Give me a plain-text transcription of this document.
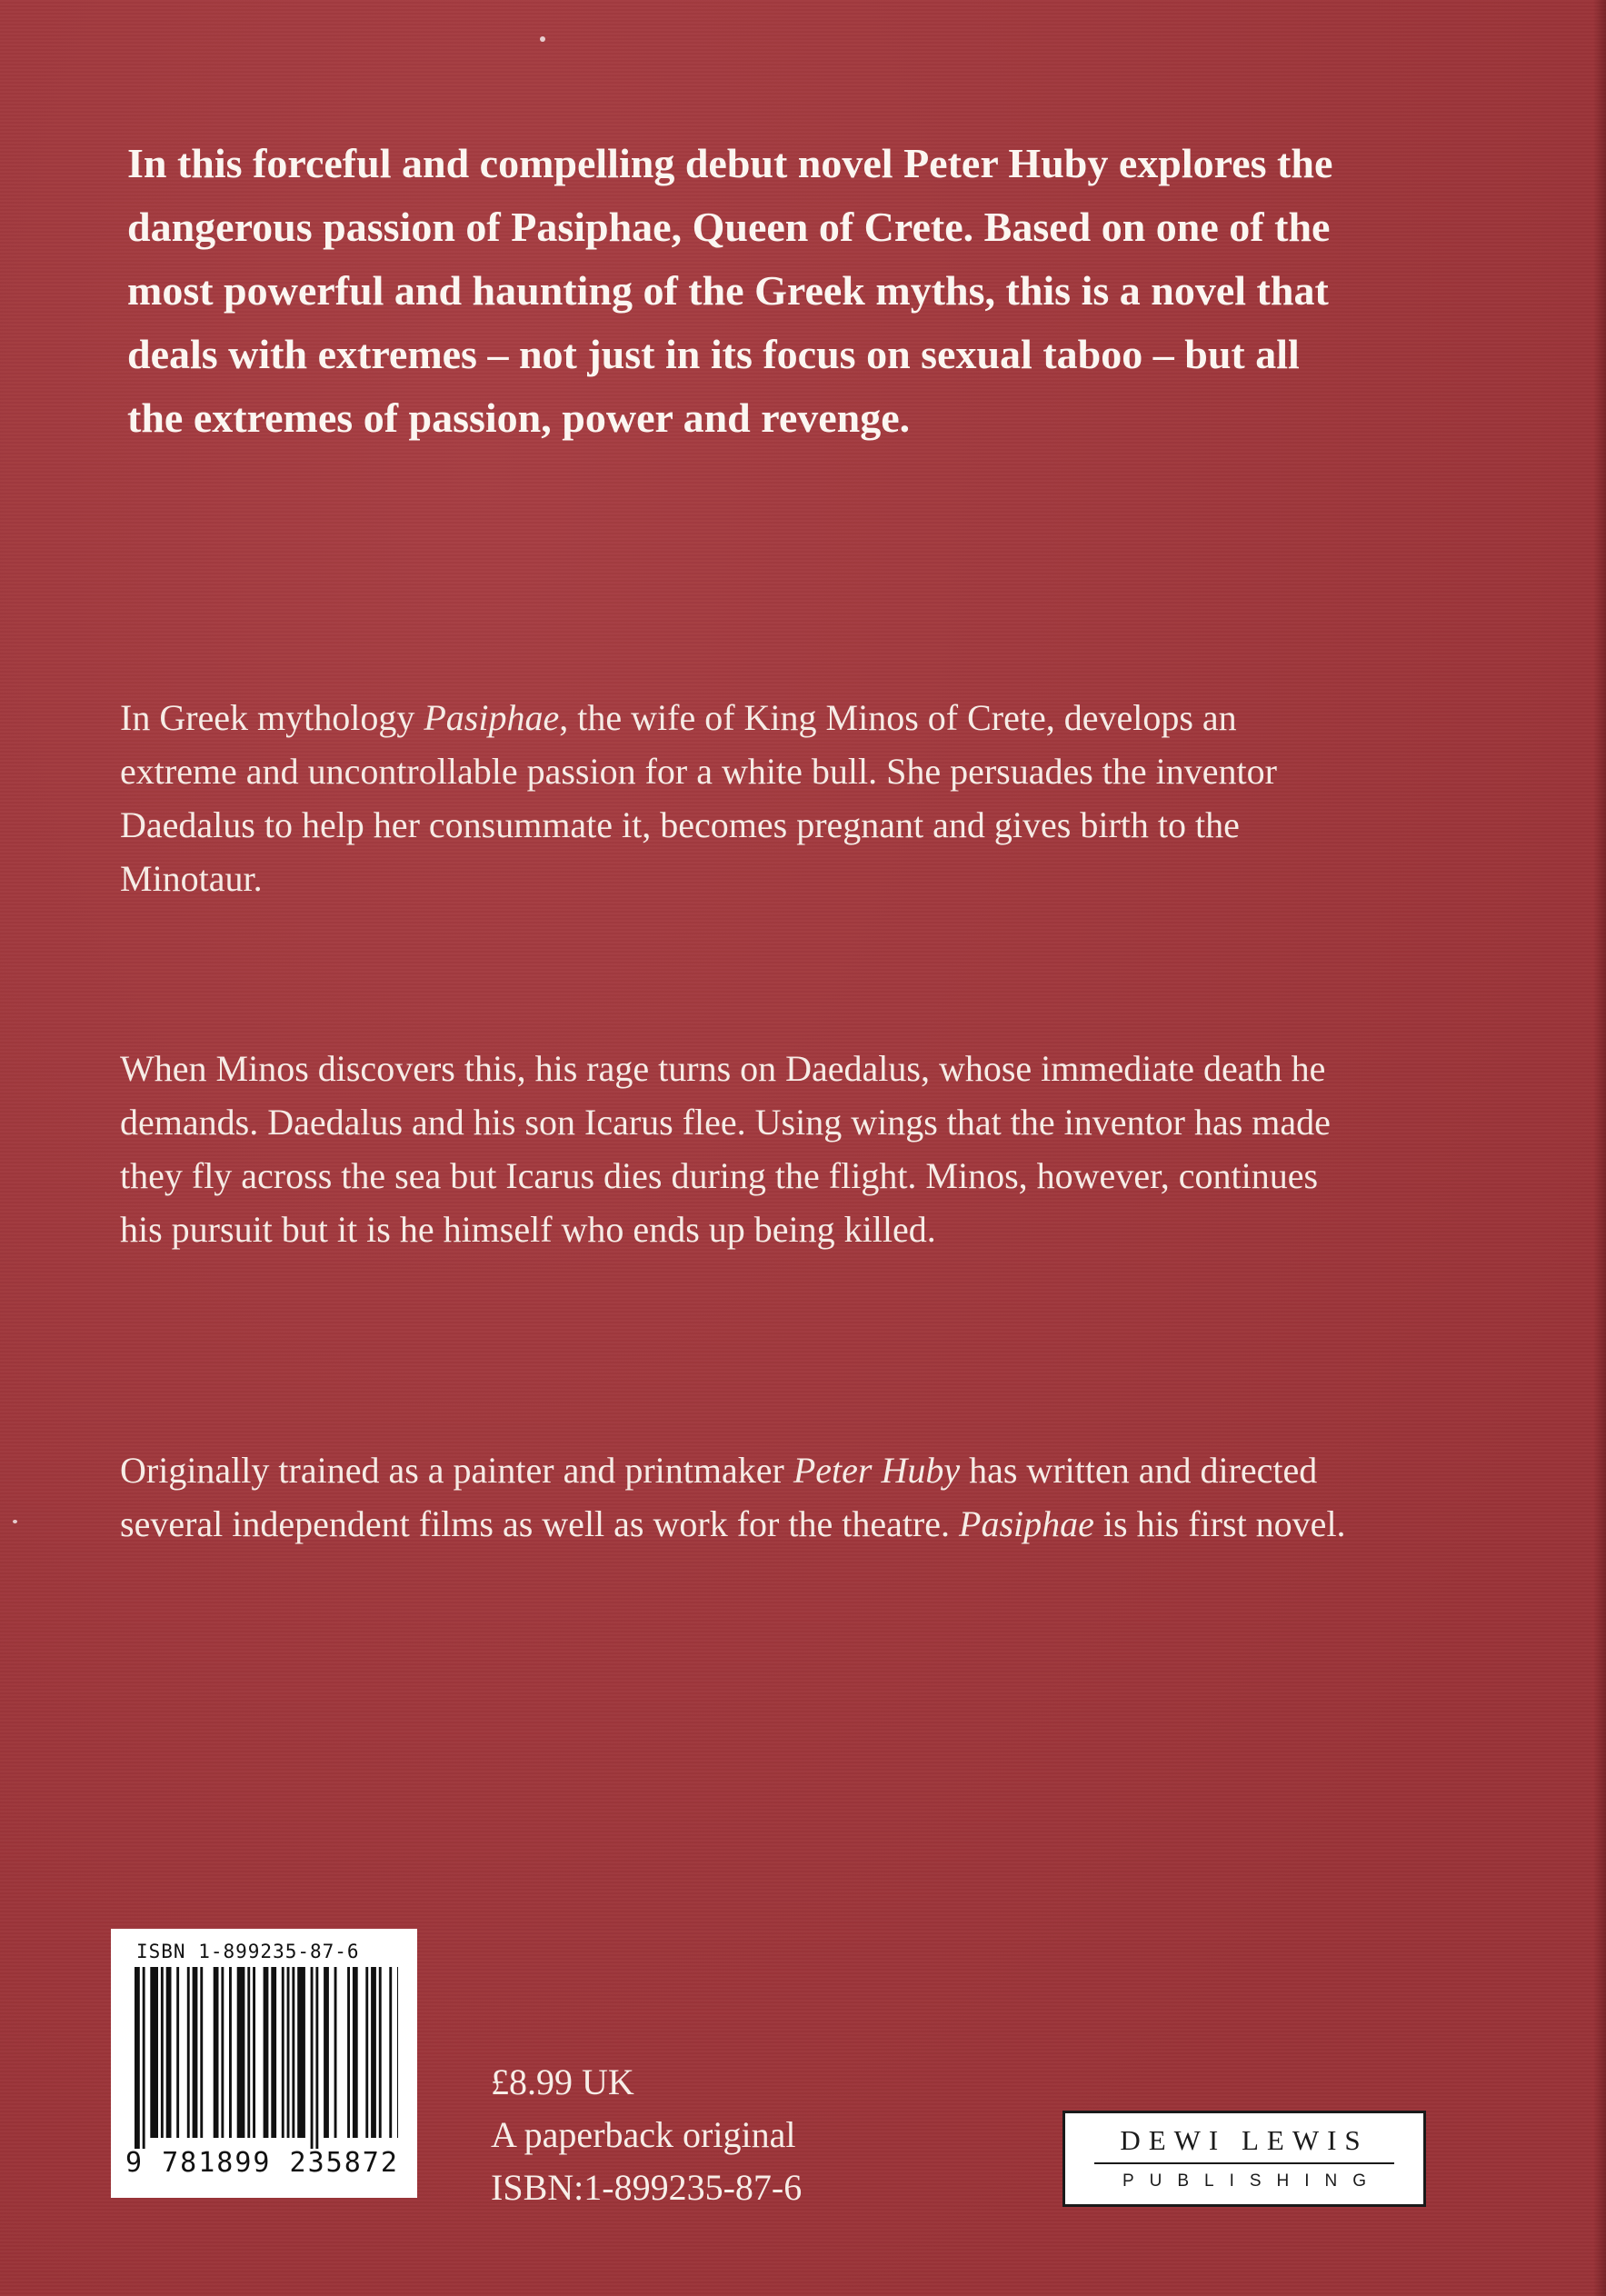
In this forceful and compelling debut novel Peter Huby explores the dangerous passion of Pasiphae, Queen of Crete. Based on one of the most powerful and haunting of the Greek myths, this is a novel that deals with extremes – not just in its focus on sexual taboo – but all the extremes of passion, power and revenge.

In Greek mythology Pasiphae, the wife of King Minos of Crete, develops an extreme and uncontrollable passion for a white bull. She persuades the inventor Daedalus to help her consummate it, becomes pregnant and gives birth to the Minotaur.

When Minos discovers this, his rage turns on Daedalus, whose immediate death he demands. Daedalus and his son Icarus flee. Using wings that the inventor has made they fly across the sea but Icarus dies during the flight. Minos, however, continues his pursuit but it is he himself who ends up being killed.

Originally trained as a painter and printmaker Peter Huby has written and directed several independent films as well as work for the theatre. Pasiphae is his first novel.

ISBN 1-899235-87-6
9 781899 235872
£8.99 UK
A paperback original
ISBN:1-899235-87-6
DEWI LEWIS
PUBLISHING
